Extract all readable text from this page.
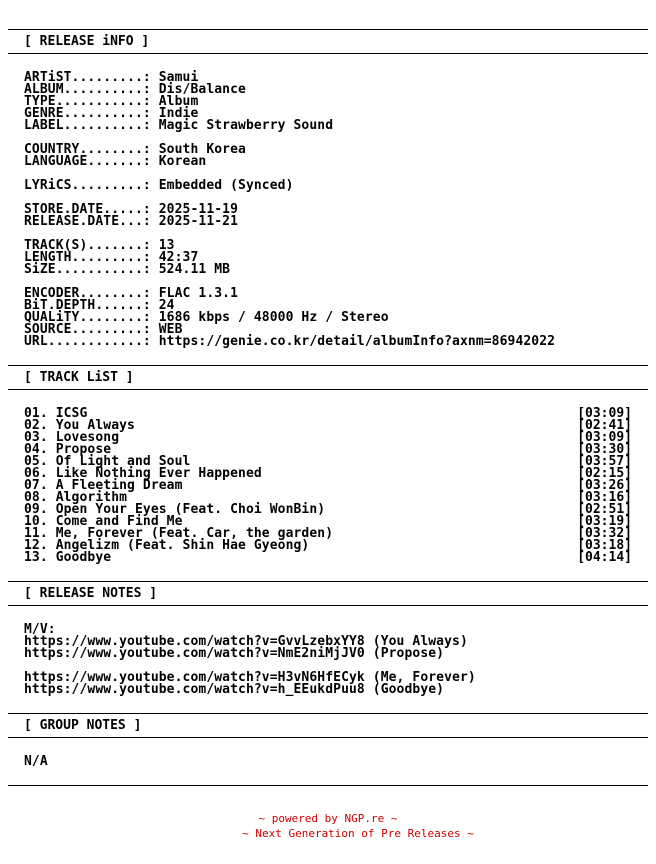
[ RELEASE iNFO ]
ARTiST.........: Samui
ALBUM..........: Dis/Balance
TYPE...........: Album
GENRE..........: Indie
LABEL..........: Magic Strawberry Sound
COUNTRY........: South Korea
LANGUAGE.......: Korean
LYRiCS.........: Embedded (Synced)
STORE.DATE.....: 2025-11-19
RELEASE.DATE...: 2025-11-21
TRACK(S).......: 13
LENGTH.........: 42:37
SiZE...........: 524.11 MB
ENCODER........: FLAC 1.3.1
BiT.DEPTH......: 24
QUALiTY........: 1686 kbps / 48000 Hz / Stereo
SOURCE.........: WEB
URL............: https://genie.co.kr/detail/albumInfo?axnm=86942022
[ TRACK LiST ]
01. ICSG	[03:09]
02. You Always	[02:41]
03. Lovesong	[03:09]
04. Propose	[03:30]
05. Of Light and Soul	[03:57]
06. Like Nothing Ever Happened	[02:15]
07. A Fleeting Dream	[03:26]
08. Algorithm	[03:16]
09. Open Your Eyes (Feat. Choi WonBin)	[02:51]
10. Come and Find Me	[03:19]
11. Me, Forever (Feat. Car, the garden)	[03:32]
12. Angelizm (Feat. Shin Hae Gyeong)	[03:18]
13. Goodbye	[04:14]
[ RELEASE NOTES ]
M/V:
https://www.youtube.com/watch?v=GvvLzebxYY8 (You Always)
https://www.youtube.com/watch?v=NmE2niMjJV0 (Propose)
https://www.youtube.com/watch?v=H3vN6HfECyk (Me, Forever)
https://www.youtube.com/watch?v=h_EEukdPuu8 (Goodbye)
[ GROUP NOTES ]
N/A
~ powered by NGP.re ~
~ Next Generation of Pre Releases ~
